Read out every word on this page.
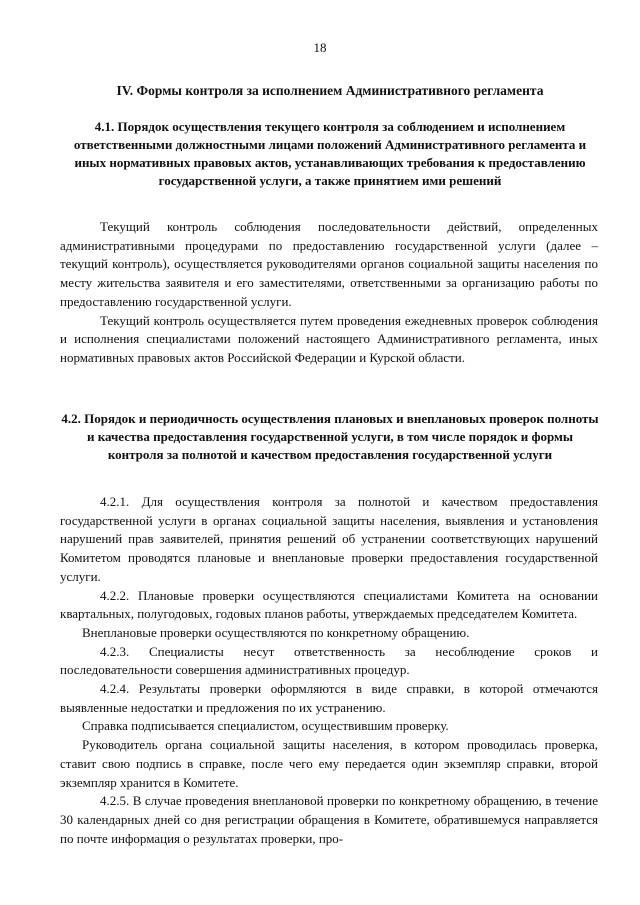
18
IV. Формы контроля за исполнением Административного регламента
4.1. Порядок осуществления текущего контроля за соблюдением и исполнением ответственными должностными лицами положений Административного регламента и иных нормативных правовых актов, устанавливающих требования к предоставлению государственной услуги, а также принятием ими решений

Текущий контроль соблюдения последовательности действий, определенных административными процедурами по предоставлению государственной услуги (далее – текущий контроль), осуществляется руководителями органов социальной защиты населения по месту жительства заявителя и его заместителями, ответственными за организацию работы по предоставлению государственной услуги.

Текущий контроль осуществляется путем проведения ежедневных проверок соблюдения и исполнения специалистами положений настоящего Административного регламента, иных нормативных правовых актов Российской Федерации и Курской области.

4.2. Порядок и периодичность осуществления плановых и внеплановых проверок полноты и качества предоставления государственной услуги, в том числе порядок и формы контроля за полнотой и качеством предоставления государственной услуги

4.2.1. Для осуществления контроля за полнотой и качеством предоставления государственной услуги в органах социальной защиты населения, выявления и установления нарушений прав заявителей, принятия решений об устранении соответствующих нарушений Комитетом проводятся плановые и внеплановые проверки предоставления государственной услуги.

4.2.2. Плановые проверки осуществляются специалистами Комитета на основании квартальных, полугодовых, годовых планов работы, утверждаемых председателем Комитета.

Внеплановые проверки осуществляются по конкретному обращению.

4.2.3. Специалисты несут ответственность за несоблюдение сроков и последовательности совершения административных процедур.

4.2.4. Результаты проверки оформляются в виде справки, в которой отмечаются выявленные недостатки и предложения по их устранению.

Справка подписывается специалистом, осуществившим проверку.

Руководитель органа социальной защиты населения, в котором проводилась проверка, ставит свою подпись в справке, после чего ему передается один экземпляр справки, второй экземпляр хранится в Комитете.

4.2.5. В случае проведения внеплановой проверки по конкретному обращению, в течение 30 календарных дней со дня регистрации обращения в Комитете, обратившемуся направляется по почте информация о результатах проверки, про-
